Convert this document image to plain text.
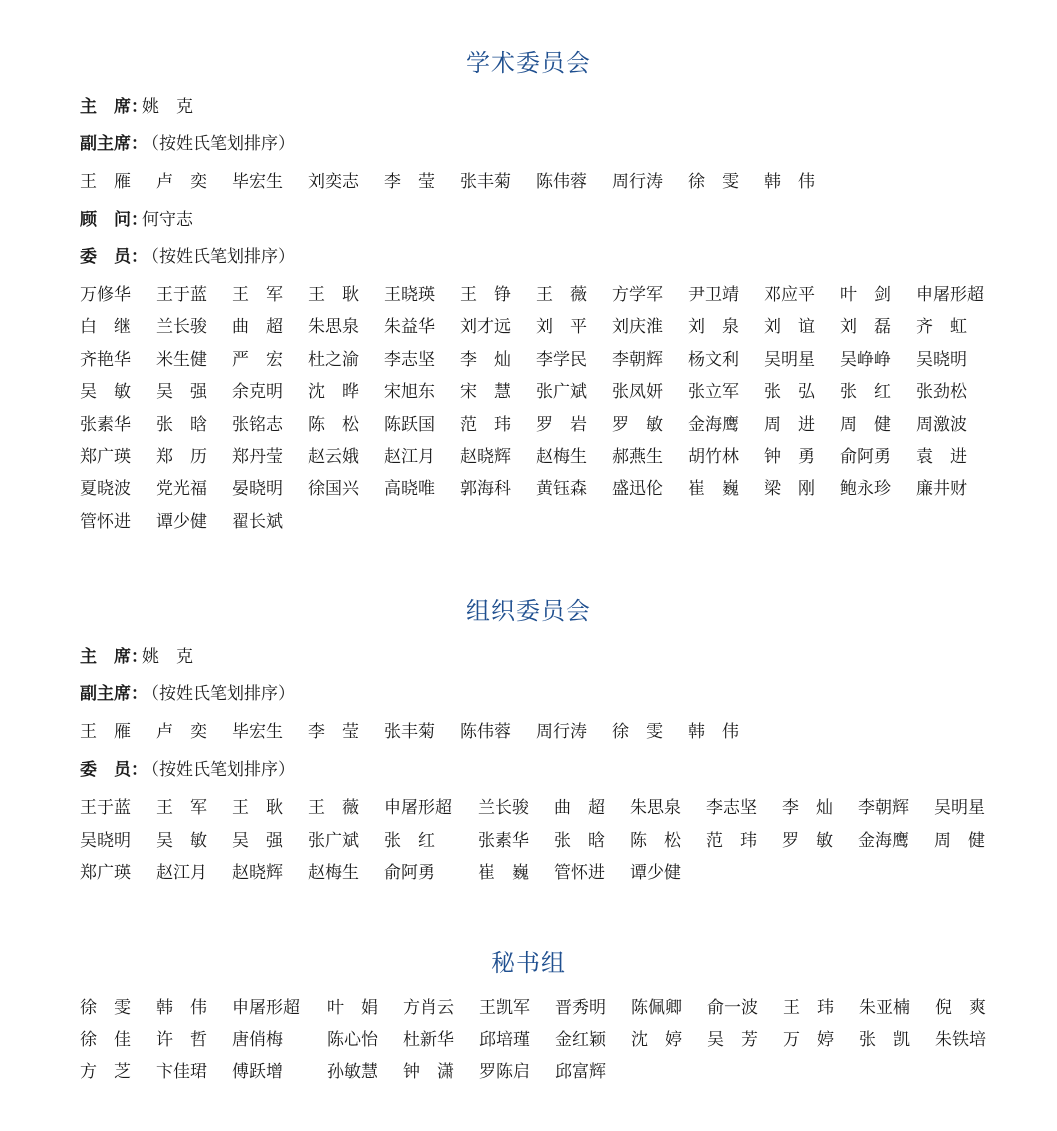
学术委员会
主　席：姚　克
副主席：（按姓氏笔划排序）
王　雁 卢　奕 毕宏生 刘奕志 李　莹 张丰菊 陈伟蓉 周行涛 徐　雯 韩　伟
顾　问：何守志
委　员：（按姓氏笔划排序）
万修华 王于蓝 王　军 王　耿 王晓瑛 王　铮 王　薇 方学军 尹卫靖 邓应平 叶　剑 申屠形超
白　继 兰长骏 曲　超 朱思泉 朱益华 刘才远 刘　平 刘庆淮 刘　泉 刘　谊 刘　磊 齐　虹
齐艳华 米生健 严　宏 杜之渝 李志坚 李　灿 李学民 李朝辉 杨文利 吴明星 吴峥峥 吴晓明
吴　敏 吴　强 余克明 沈　晔 宋旭东 宋　慧 张广斌 张凤妍 张立军 张　弘 张　红 张劲松
张素华 张　晗 张铭志 陈　松 陈跃国 范　玮 罗　岩 罗　敏 金海鹰 周　进 周　健 周激波
郑广瑛 郑　历 郑丹莹 赵云娥 赵江月 赵晓辉 赵梅生 郝燕生 胡竹林 钟　勇 俞阿勇 袁　进
夏晓波 党光福 晏晓明 徐国兴 高晓唯 郭海科 黄钰森 盛迅伦 崔　巍 梁　刚 鲍永珍 廉井财
管怀进 谭少健 翟长斌
组织委员会
主　席：姚　克
副主席：（按姓氏笔划排序）
王　雁 卢　奕 毕宏生 李　莹 张丰菊 陈伟蓉 周行涛 徐　雯 韩　伟
委　员：（按姓氏笔划排序）
王于蓝 王　军 王　耿 王　薇 申屠形超 兰长骏 曲　超 朱思泉 李志坚 李　灿 李朝辉 吴明星
吴晓明 吴　敏 吴　强 张广斌 张　红	张素华 张　晗 陈　松 范　玮 罗　敏 金海鹰 周　健
郑广瑛 赵江月 赵晓辉 赵梅生 俞阿勇	崔　巍 管怀进 谭少健
秘书组
徐　雯 韩　伟 申屠形超 叶　娟 方肖云 王凯军 晋秀明 陈佩卿 俞一波 王　玮 朱亚楠 倪　爽
徐　佳 许　哲 唐俏梅	陈心怡 杜新华 邱培瑾 金红颖 沈　婷 吴　芳 万　婷 张　凯 朱铁培
方　芝 卞佳珺 傅跃增	孙敏慧 钟　潇 罗陈启 邱富辉
